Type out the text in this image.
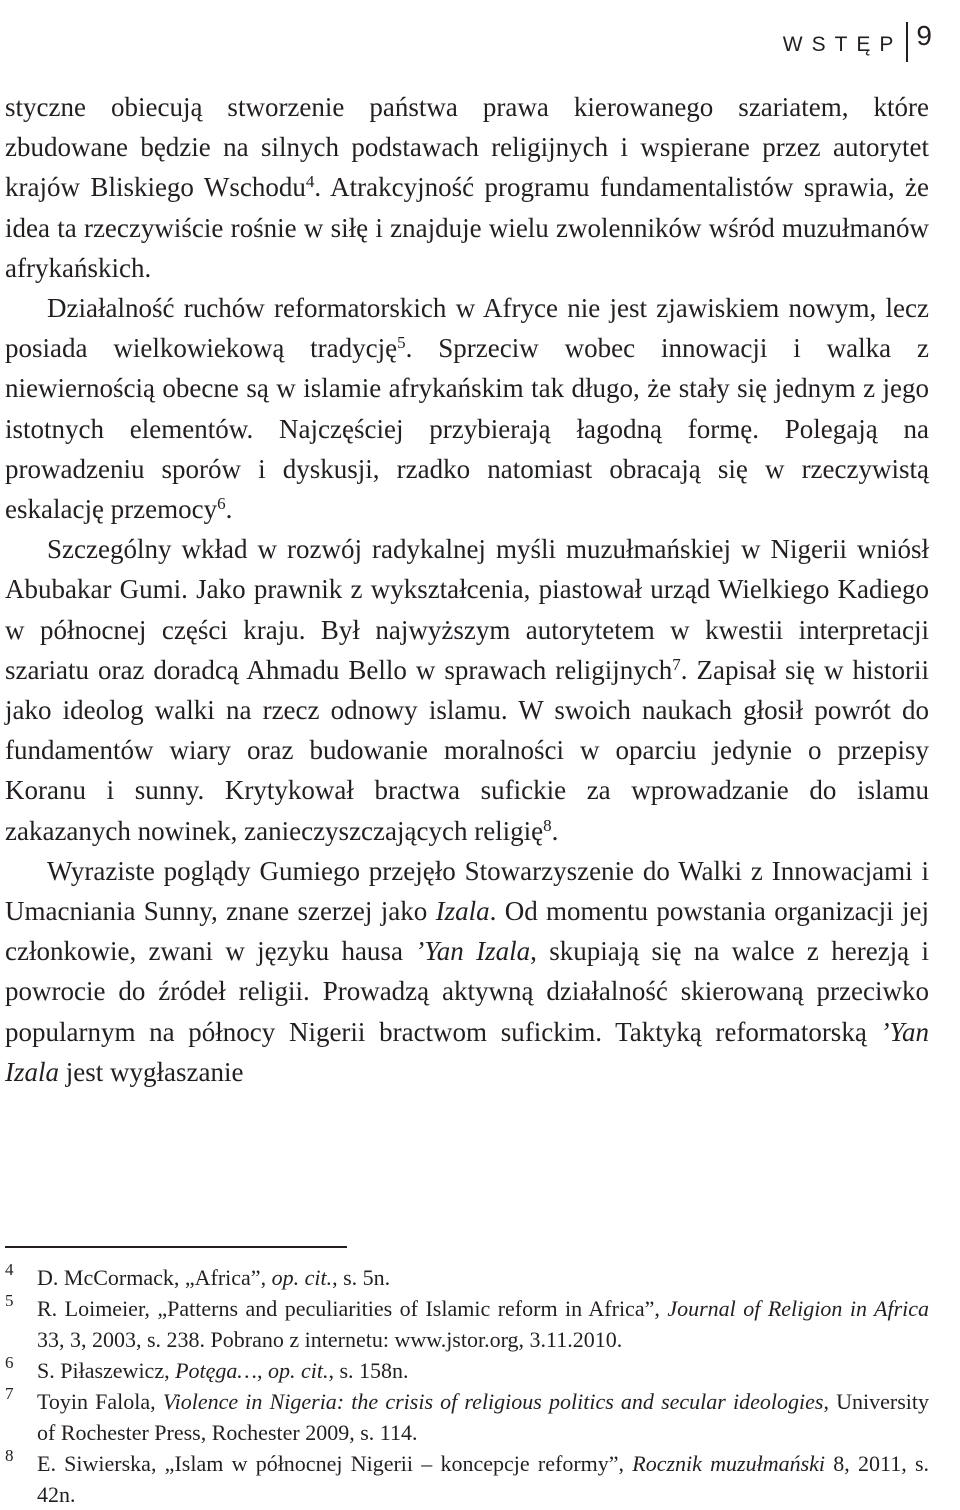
WSTĘP 9

styczne obiecują stworzenie państwa prawa kierowanego szariatem, które zbudowane będzie na silnych podstawach religijnych i wspierane przez autorytet krajów Bliskiego Wschodu$^4$. Atrakcyjność programu fundamentalistów sprawia, że idea ta rzeczywiście rośnie w siłę i znajduje wielu zwolenników wśród muzułmanów afrykańskich.

Działalność ruchów reformatorskich w Afryce nie jest zjawiskiem nowym, lecz posiada wielkowiekową tradycję$^5$. Sprzeciw wobec innowacji i walka z niewiernością obecne są w islamie afrykańskim tak długo, że stały się jednym z jego istotnych elementów. Najczęściej przybierają łagodną formę. Polegają na prowadzeniu sporów i dyskusji, rzadko natomiast obracają się w rzeczywistą eskalację przemocy$^6$.

Szczególny wkład w rozwój radykalnej myśli muzułmańskiej w Nigerii wniósł Abubakar Gumi. Jako prawnik z wykształcenia, piastował urząd Wielkiego Kadiego w północnej części kraju. Był najwyższym autorytetem w kwestii interpretacji szariatu oraz doradcą Ahmadu Bello w sprawach religijnych$^7$. Zapisał się w historii jako ideolog walki na rzecz odnowy islamu. W swoich naukach głosił powrót do fundamentów wiary oraz budowanie moralności w oparciu jedynie o przepisy Koranu i sunny. Krytykował bractwa sufickie za wprowadzanie do islamu zakazanych nowinek, zanieczyszczających religię$^8$.

Wyraziste poglądy Gumiego przejęło Stowarzyszenie do Walki z Innowacjami i Umacniania Sunny, znane szerzej jako Izala. Od momentu powstania organizacji jej członkowie, zwani w języku hausa ’Yan Izala, skupiają się na walce z herezją i powrocie do źródeł religii. Prowadzą aktywną działalność skierowaną przeciwko popularnym na północy Nigerii bractwom sufickim. Taktyką reformatorską ’Yan Izala jest wygłaszanie

4 D. McCormack, „Africa”, op. cit., s. 5n.
5 R. Loimeier, „Patterns and peculiarities of Islamic reform in Africa”, Journal of Religion in Africa 33, 3, 2003, s. 238. Pobrano z internetu: www.jstor.org, 3.11.2010.
6 S. Piłaszewicz, Potęga…, op. cit., s. 158n.
7 Toyin Falola, Violence in Nigeria: the crisis of religious politics and secular ideologies, University of Rochester Press, Rochester 2009, s. 114.
8 E. Siwierska, „Islam w północnej Nigerii – koncepcje reformy”, Rocznik muzułmański 8, 2011, s. 42n.
